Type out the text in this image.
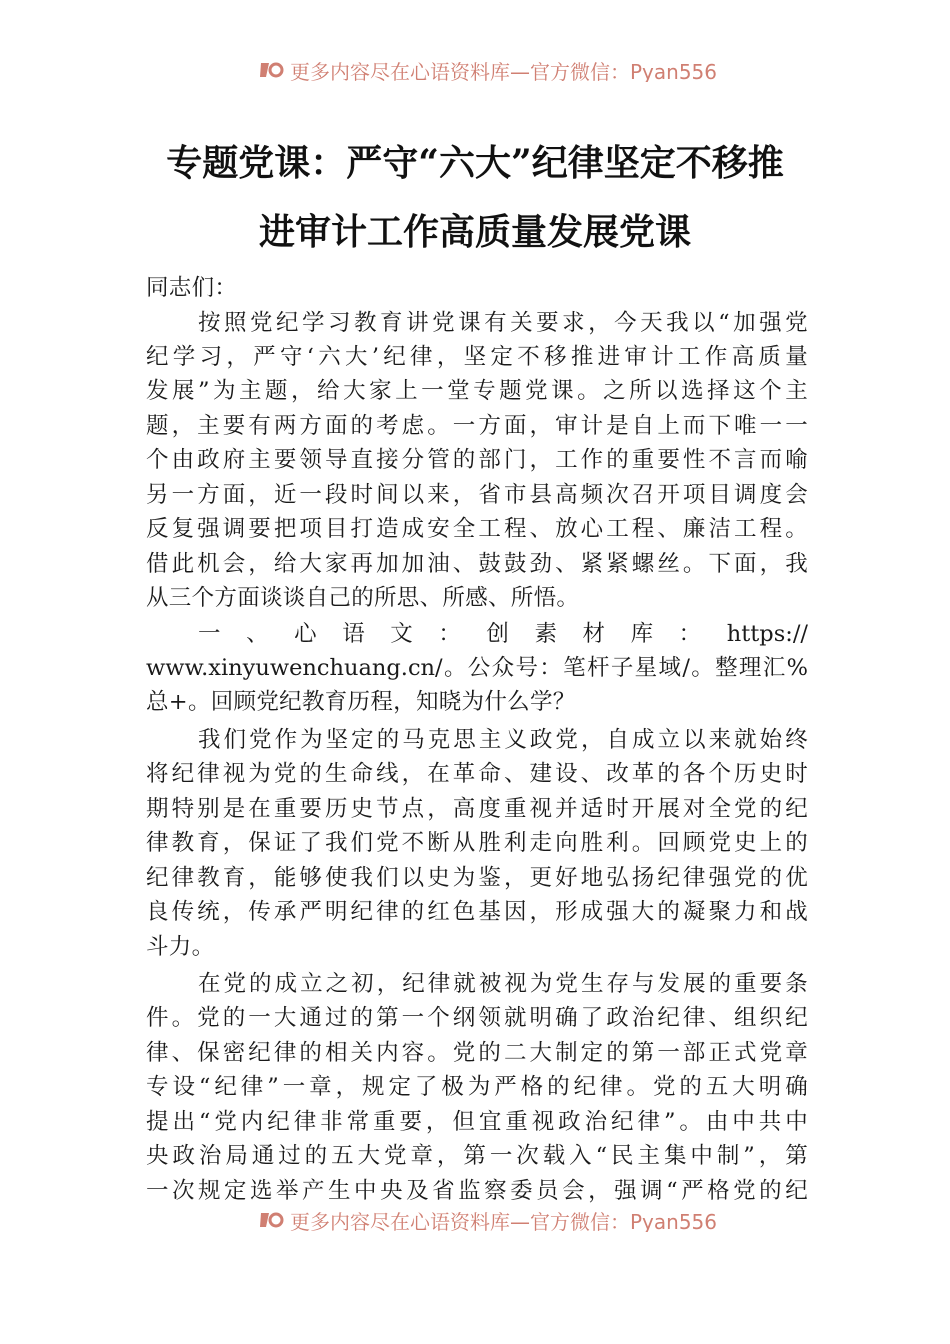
更多内容尽在心语资料库—官方微信：Pyan556
专题党课：严守“六大”纪律坚定不移推
进审计工作高质量发展党课
同志们：
按照党纪学习教育讲党课有关要求，今天我以“加强党
纪学习，严守‘六大’纪律，坚定不移推进审计工作高质量
发展”为主题，给大家上一堂专题党课。之所以选择这个主
题，主要有两方面的考虑。一方面，审计是自上而下唯一一
个由政府主要领导直接分管的部门，工作的重要性不言而喻
另一方面，近一段时间以来，省市县高频次召开项目调度会
反复强调要把项目打造成安全工程、放心工程、廉洁工程。
借此机会，给大家再加加油、鼓鼓劲、紧紧螺丝。下面，我
从三个方面谈谈自己的所思、所感、所悟。
一、心语文：创素材库：https://
www.xinyuwenchuang.cn/。公众号：笔杆子星域/。整理汇%
总+。回顾党纪教育历程，知晓为什么学？
我们党作为坚定的马克思主义政党，自成立以来就始终
将纪律视为党的生命线，在革命、建设、改革的各个历史时
期特别是在重要历史节点，高度重视并适时开展对全党的纪
律教育，保证了我们党不断从胜利走向胜利。回顾党史上的
纪律教育，能够使我们以史为鉴，更好地弘扬纪律强党的优
良传统，传承严明纪律的红色基因，形成强大的凝聚力和战
斗力。
在党的成立之初，纪律就被视为党生存与发展的重要条
件。党的一大通过的第一个纲领就明确了政治纪律、组织纪
律、保密纪律的相关内容。党的二大制定的第一部正式党章
专设“纪律”一章，规定了极为严格的纪律。党的五大明确
提出“党内纪律非常重要，但宜重视政治纪律”。由中共中
央政治局通过的五大党章，第一次载入“民主集中制”，第
一次规定选举产生中央及省监察委员会，强调“严格党的纪
更多内容尽在心语资料库—官方微信：Pyan556
